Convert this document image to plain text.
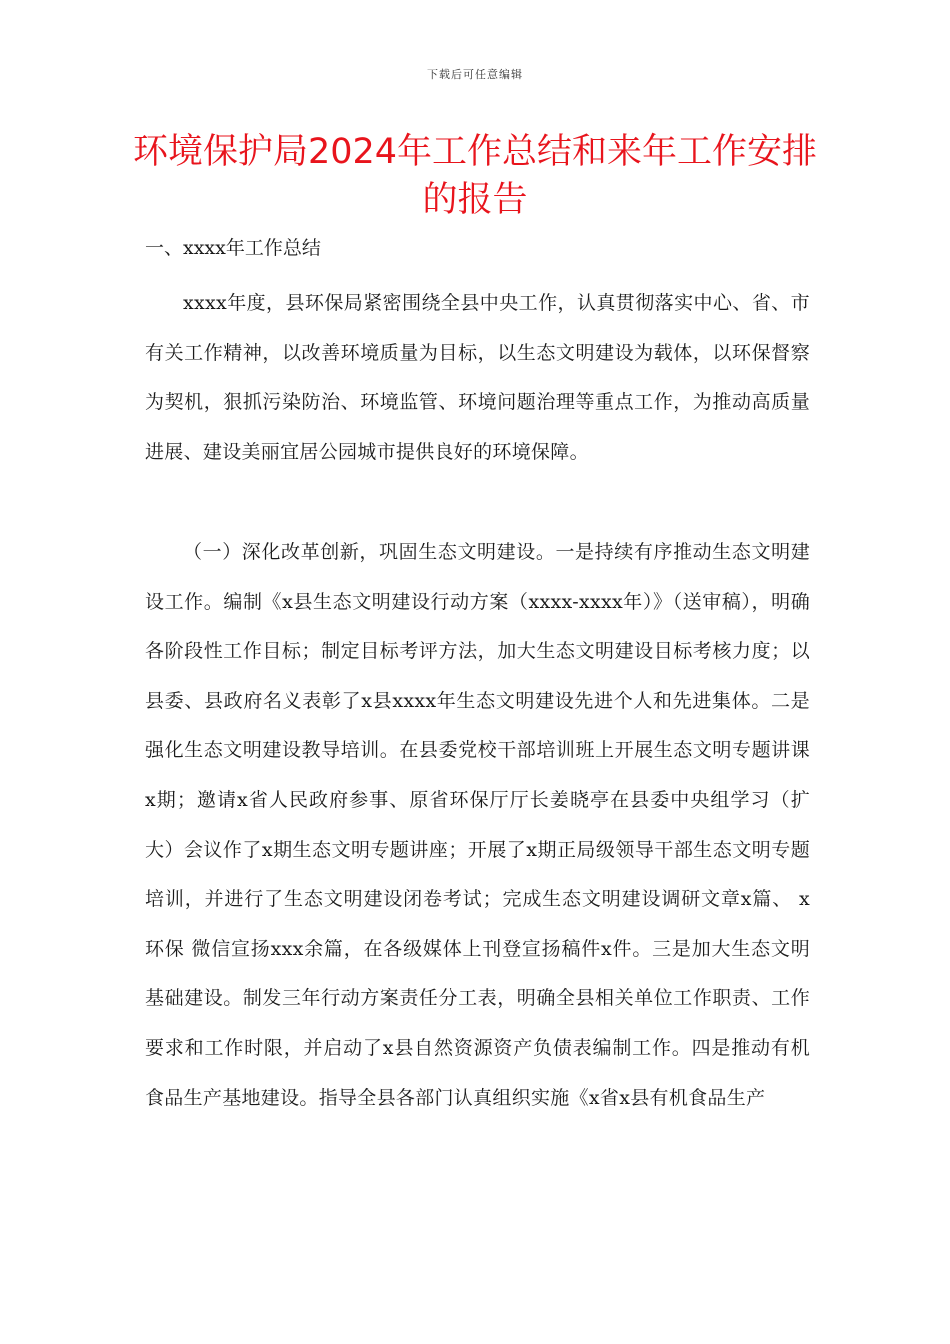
下载后可任意编辑
环境保护局2024年工作总结和来年工作安排的报告

一、xxxx年工作总结

xxxx年度，县环保局紧密围绕全县中央工作，认真贯彻落实中心、省、市有关工作精神，以改善环境质量为目标，以生态文明建设为载体，以环保督察为契机，狠抓污染防治、环境监管、环境问题治理等重点工作，为推动高质量进展、建设美丽宜居公园城市提供良好的环境保障。

（一）深化改革创新，巩固生态文明建设。一是持续有序推动生态文明建设工作。编制《x县生态文明建设行动方案（xxxx-xxxx年）》（送审稿），明确各阶段性工作目标；制定目标考评方法，加大生态文明建设目标考核力度；以县委、县政府名义表彰了x县xxxx年生态文明建设先进个人和先进集体。二是强化生态文明建设教导培训。在县委党校干部培训班上开展生态文明专题讲课x期；邀请x省人民政府参事、原省环保厅厅长姜晓亭在县委中央组学习（扩大）会议作了x期生态文明专题讲座；开展了x期正局级领导干部生态文明专题培训，并进行了生态文明建设闭卷考试；完成生态文明建设调研文章x篇、 x环保 微信宣扬xxx余篇，在各级媒体上刊登宣扬稿件x件。三是加大生态文明基础建设。制发三年行动方案责任分工表，明确全县相关单位工作职责、工作要求和工作时限，并启动了x县自然资源资产负债表编制工作。四是推动有机食品生产基地建设。指导全县各部门认真组织实施《x省x县有机食品生产
